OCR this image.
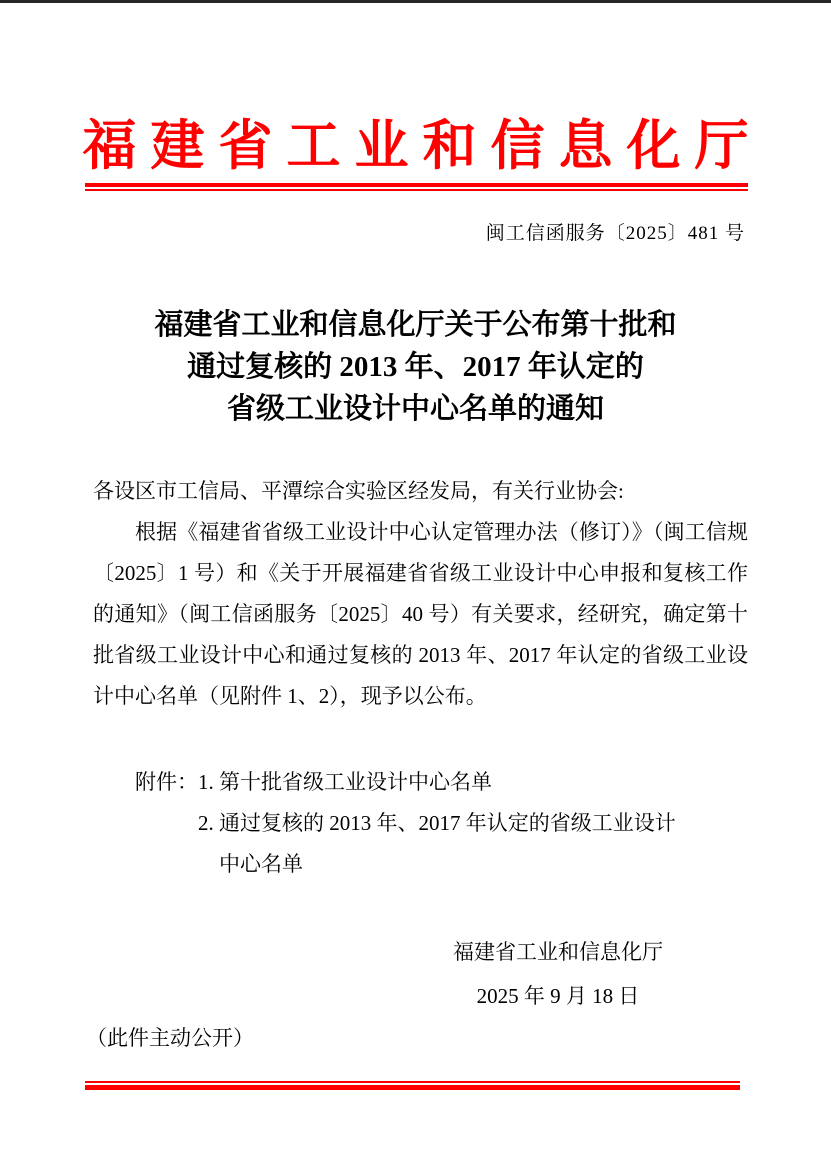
福建省工业和信息化厅
闽工信函服务〔2025〕481 号
福建省工业和信息化厅关于公布第十批和
通过复核的 2013 年、2017 年认定的
省级工业设计中心名单的通知
各设区市工信局、平潭综合实验区经发局，有关行业协会:
根据《福建省省级工业设计中心认定管理办法（修订）》（闽工信规〔2025〕1 号）和《关于开展福建省省级工业设计中心申报和复核工作的通知》（闽工信函服务〔2025〕40 号）有关要求，经研究，确定第十批省级工业设计中心和通过复核的 2013 年、2017 年认定的省级工业设计中心名单（见附件 1、2），现予以公布。
附件：1. 第十批省级工业设计中心名单
2. 通过复核的 2013 年、2017 年认定的省级工业设计
中心名单
福建省工业和信息化厅
2025 年 9 月 18 日
（此件主动公开）
